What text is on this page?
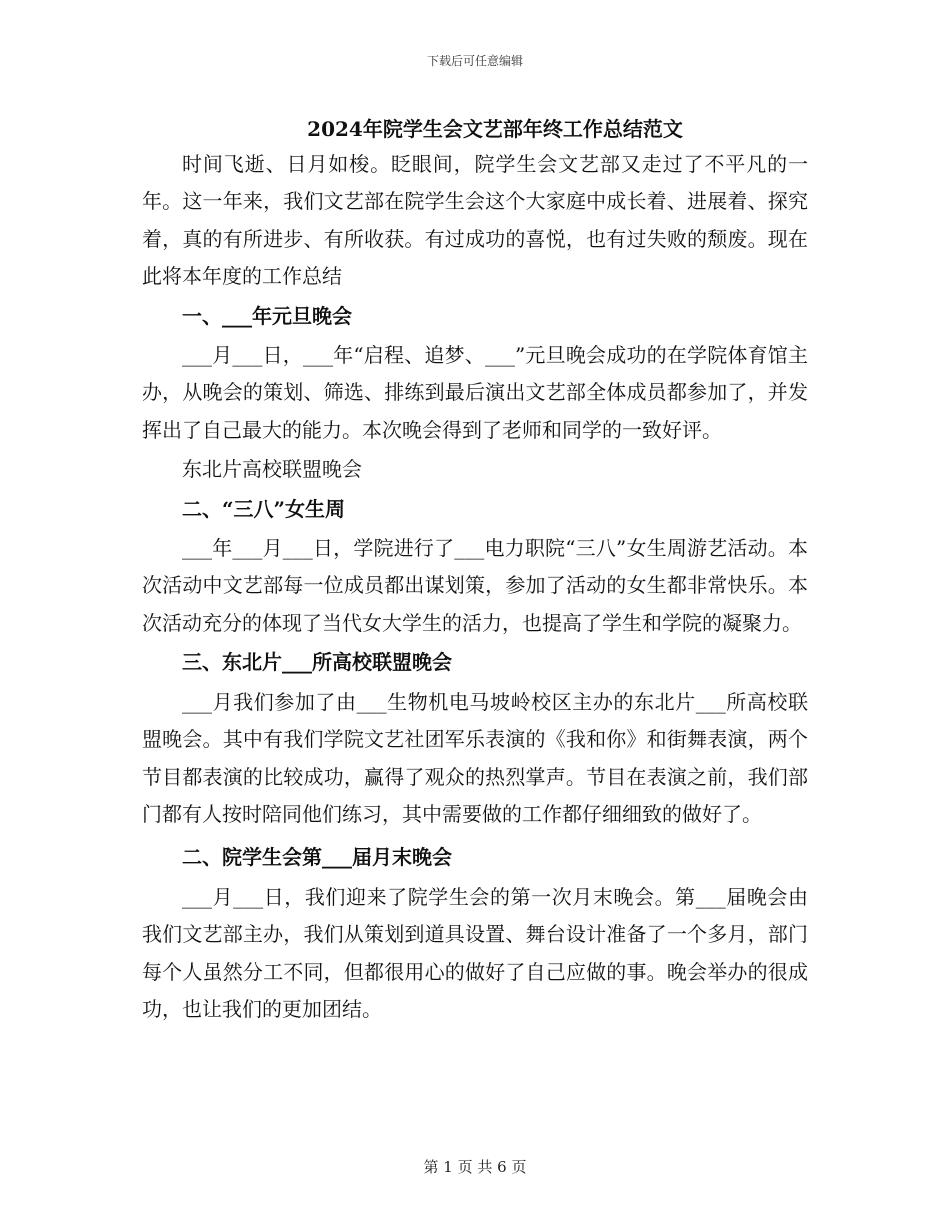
下载后可任意编辑
2024年院学生会文艺部年终工作总结范文

时间飞逝、日月如梭。眨眼间，院学生会文艺部又走过了不平凡的一年。这一年来，我们文艺部在院学生会这个大家庭中成长着、进展着、探究着，真的有所进步、有所收获。有过成功的喜悦，也有过失败的颓废。现在此将本年度的工作总结

一、___年元旦晚会

___月___日，___年“启程、追梦、___”元旦晚会成功的在学院体育馆主办，从晚会的策划、筛选、排练到最后演出文艺部全体成员都参加了，并发挥出了自己最大的能力。本次晚会得到了老师和同学的一致好评。

东北片高校联盟晚会

二、“三八”女生周

___年___月___日，学院进行了___电力职院“三八”女生周游艺活动。本次活动中文艺部每一位成员都出谋划策，参加了活动的女生都非常快乐。本次活动充分的体现了当代女大学生的活力，也提高了学生和学院的凝聚力。

三、东北片___所高校联盟晚会

___月我们参加了由___生物机电马坡岭校区主办的东北片___所高校联盟晚会。其中有我们学院文艺社团军乐表演的《我和你》和街舞表演，两个节目都表演的比较成功，赢得了观众的热烈掌声。节目在表演之前，我们部门都有人按时陪同他们练习，其中需要做的工作都仔细细致的做好了。

二、院学生会第___届月末晚会

___月___日，我们迎来了院学生会的第一次月末晚会。第___届晚会由我们文艺部主办，我们从策划到道具设置、舞台设计准备了一个多月，部门每个人虽然分工不同，但都很用心的做好了自己应做的事。晚会举办的很成功，也让我们的更加团结。

第 1 页 共 6 页
